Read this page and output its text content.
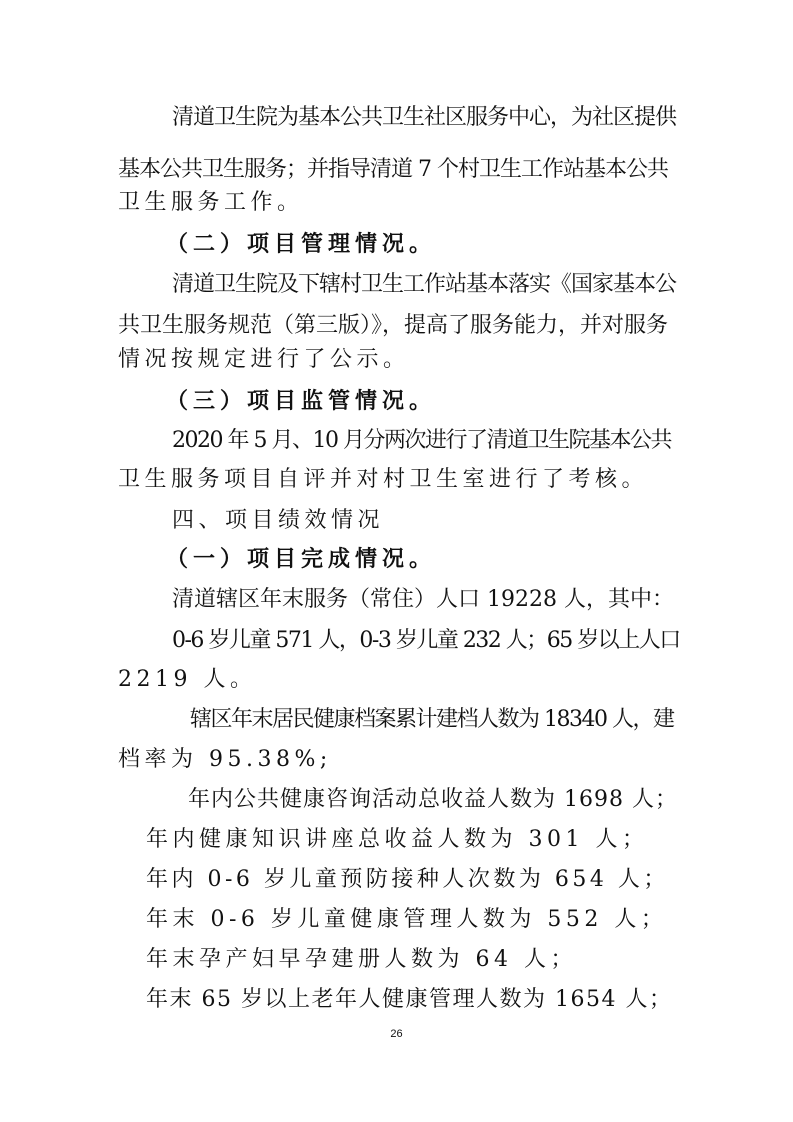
清道卫生院为基本公共卫生社区服务中心，为社区提供
基本公共卫生服务；并指导清道 7 个村卫生工作站基本公共
卫生服务工作。
（二）项目管理情况。
清道卫生院及下辖村卫生工作站基本落实《国家基本公
共卫生服务规范（第三版）》，提高了服务能力，并对服务
情况按规定进行了公示。
（三）项目监管情况。
2020 年 5 月、10 月分两次进行了清道卫生院基本公共
卫生服务项目自评并对村卫生室进行了考核。
四、项目绩效情况
（一）项目完成情况。
清道辖区年末服务（常住）人口 19228 人，其中：
0-6 岁儿童 571 人，0-3 岁儿童 232 人；65 岁以上人口
2219 人。
辖区年末居民健康档案累计建档人数为 18340 人，建
档率为 95.38%;
年内公共健康咨询活动总收益人数为 1698 人；
年内健康知识讲座总收益人数为 301 人；
年内 0-6 岁儿童预防接种人次数为 654 人；
年末 0-6 岁儿童健康管理人数为 552 人；
年末孕产妇早孕建册人数为 64 人；
年末 65 岁以上老年人健康管理人数为 1654 人；
26
